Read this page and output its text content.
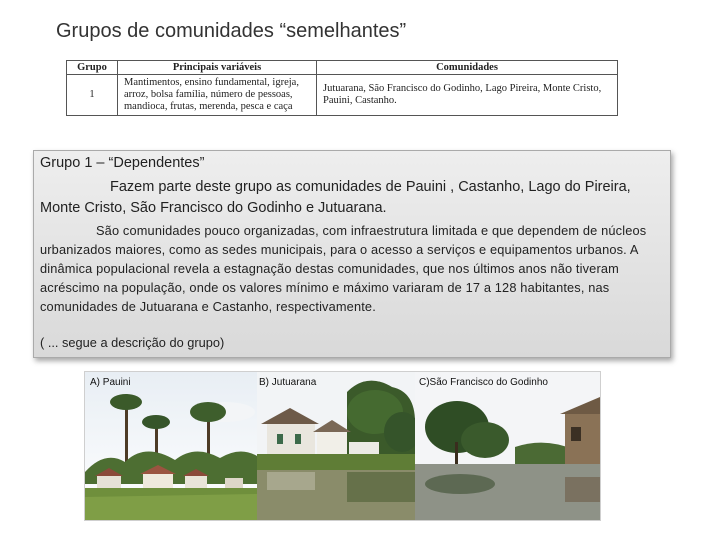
Grupos de comunidades “semelhantes”
Grupo	Principais variáveis	Comunidades
1	Mantimentos, ensino fundamental, igreja, arroz, bolsa família, número de pessoas, mandioca, frutas, merenda, pesca e caça	Jutuarana, São Francisco do Godinho, Lago Pireira, Monte Cristo, Pauini, Castanho.
Grupo 1 – “Dependentes”
Fazem parte deste grupo as comunidades de Pauini , Castanho, Lago do Pireira, Monte Cristo, São Francisco do Godinho e Jutuarana.
São comunidades pouco organizadas, com infraestrutura limitada e que dependem de núcleos urbanizados maiores, como as sedes municipais, para o acesso a serviços e equipamentos urbanos. A dinâmica populacional revela a estagnação destas comunidades, que nos últimos anos não tiveram acréscimo na população, onde os valores mínimo e máximo variaram de 17 a 128 habitantes, nas comunidades de Jutuarana e Castanho, respectivamente.
( ... segue a descrição do grupo)
A) Pauini	B) Jutuarana	C)São Francisco do Godinho
